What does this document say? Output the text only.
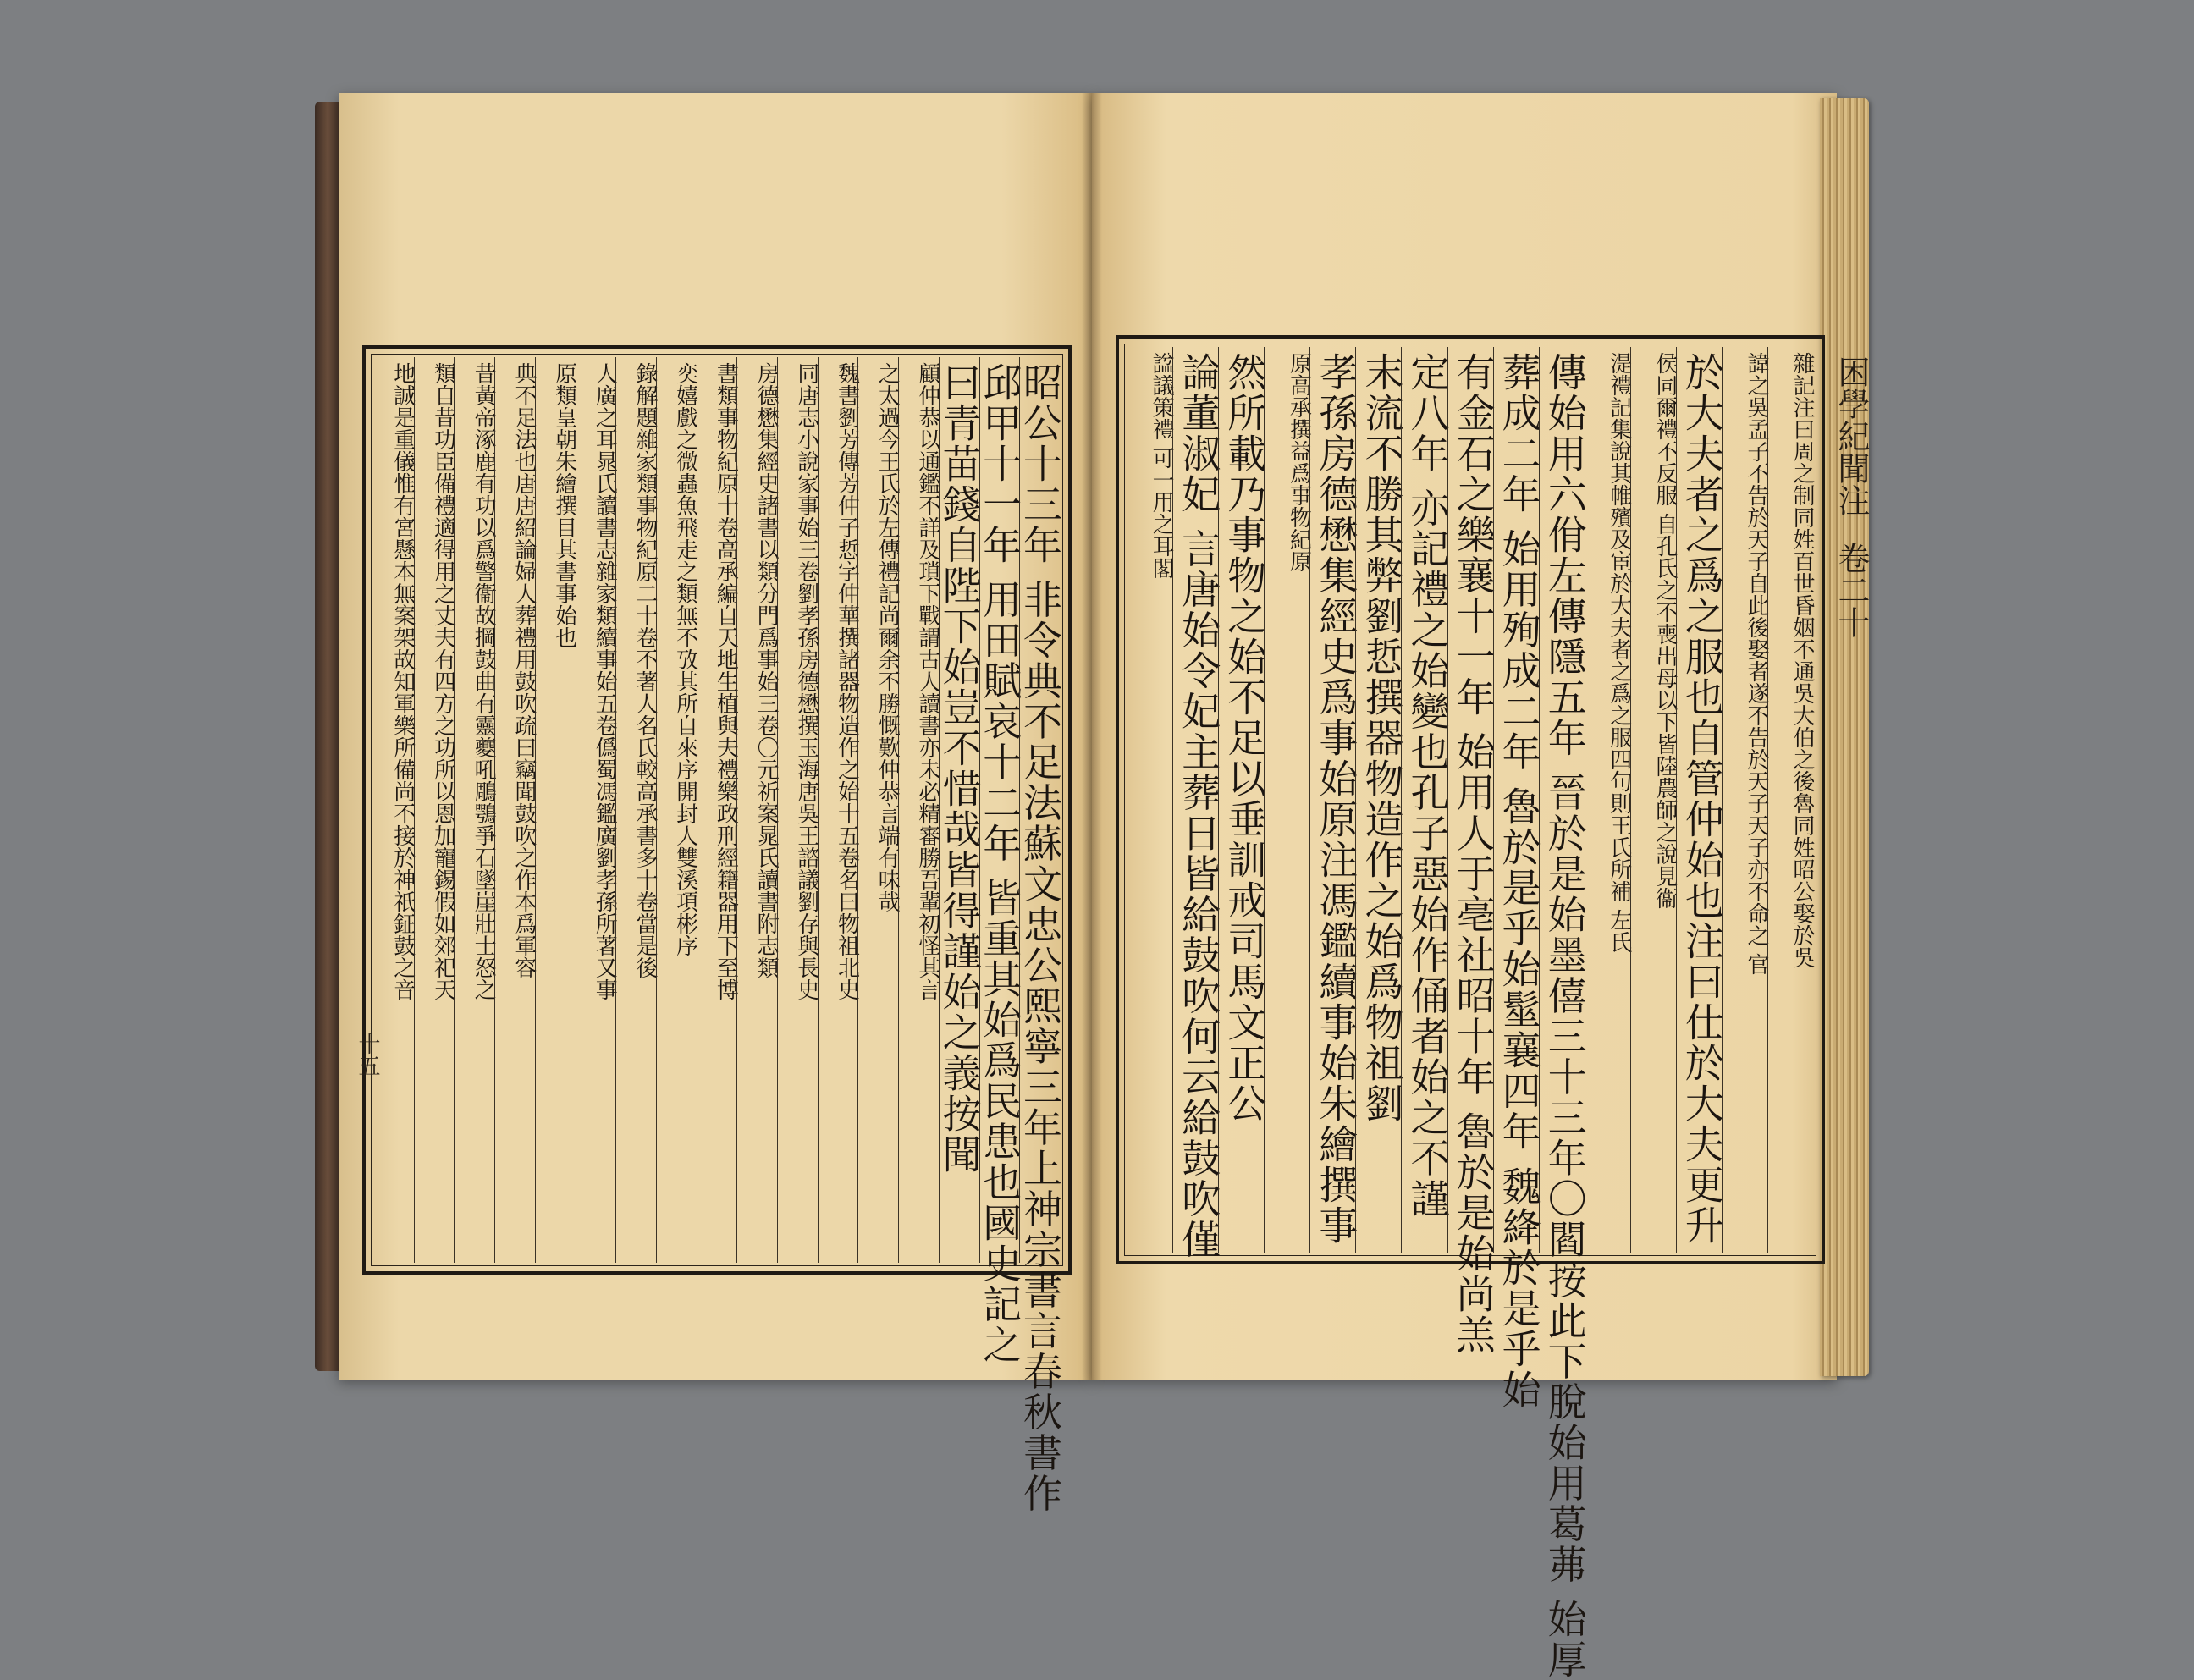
昭公十三年 非令典不足法蘇文忠公熙寧三年上神宗書言春秋書作
邱甲十一年 用田賦哀十二年 皆重其始爲民患也國史記之
曰青苗錢自陛下始豈不惜哉皆得謹始之義按聞
顧仲恭以通鑑不詳及瑣下戰謂古人讀書亦未必精審勝吾輩初怪其言
之太過今王氏於左傳禮記尚爾余不勝慨歎仲恭言端有味哉
魏書劉芳傳芳仲子悊字仲華撰諸器物造作之始十五卷名曰物祖北史
同唐志小說家事始三卷劉孝孫房德懋撰玉海唐吳王諮議劉存與長史
房德懋集經史諸書以類分門爲事始三卷〇元祈案晁氏讀書附志類
書類事物紀原十卷高承編自天地生植與夫禮樂政刑經籍器用下至博
奕嬉戲之微蟲魚飛走之類無不攷其所自來序開封人雙溪項彬序
錄解題雜家類事物紀原二十卷不著人名氏較高承書多十卷當是後
人廣之耳晁氏讀書志雜家類續事始五卷僞蜀馮鑑廣劉孝孫所著又事
原類皇朝朱繪撰目其書事始也
典不足法也唐唐紹論婦人葬禮用鼓吹疏曰竊聞鼓吹之作本爲軍容
昔黃帝涿鹿有功以爲警衞故掆鼓曲有靈夔吼鵰鶚爭石墜崖壯士怒之
類自昔功臣備禮適得用之丈夫有四方之功所以恩加寵錫假如郊祀天
地誠是重儀惟有宮懸本無案架故知軍樂所備尚不接於神祇鉦鼓之音
十五
困學紀聞注
卷二十
雜記注曰周之制同姓百世昏姻不通吳大伯之後魯同姓昭公娶於吳
諱之吳孟子不告於天子自此後娶者遂不告於天子天子亦不命之 官
於大夫者之爲之服也自管仲始也注曰仕於大夫更升
侯同爾禮不反服 自孔氏之不喪出母以下皆陸農師之說見衞
湜禮記集說其帷殯及宦於大夫者之爲之服四句則王氏所補 左氏
傳始用六佾左傳隱五年 晉於是始墨僖三十三年〇閻按此下脫始用葛茀 始厚
葬成二年 始用殉成二年 魯於是乎始髽襄四年 魏絳於是乎始
有金石之樂襄十一年 始用人于亳社昭十年 魯於是始尚羔
定八年 亦記禮之始變也孔子惡始作俑者始之不謹
末流不勝其弊劉悊撰器物造作之始爲物祖劉
孝孫房德懋集經史爲事始原注馮鑑續事始朱繪撰事
原高承撰益爲事物紀原
然所載乃事物之始不足以垂訓戒司馬文正公
論董淑妃 言唐始令妃主葬日皆給鼓吹何云給鼓吹僅
諡議策禮 可一用之耳閣
